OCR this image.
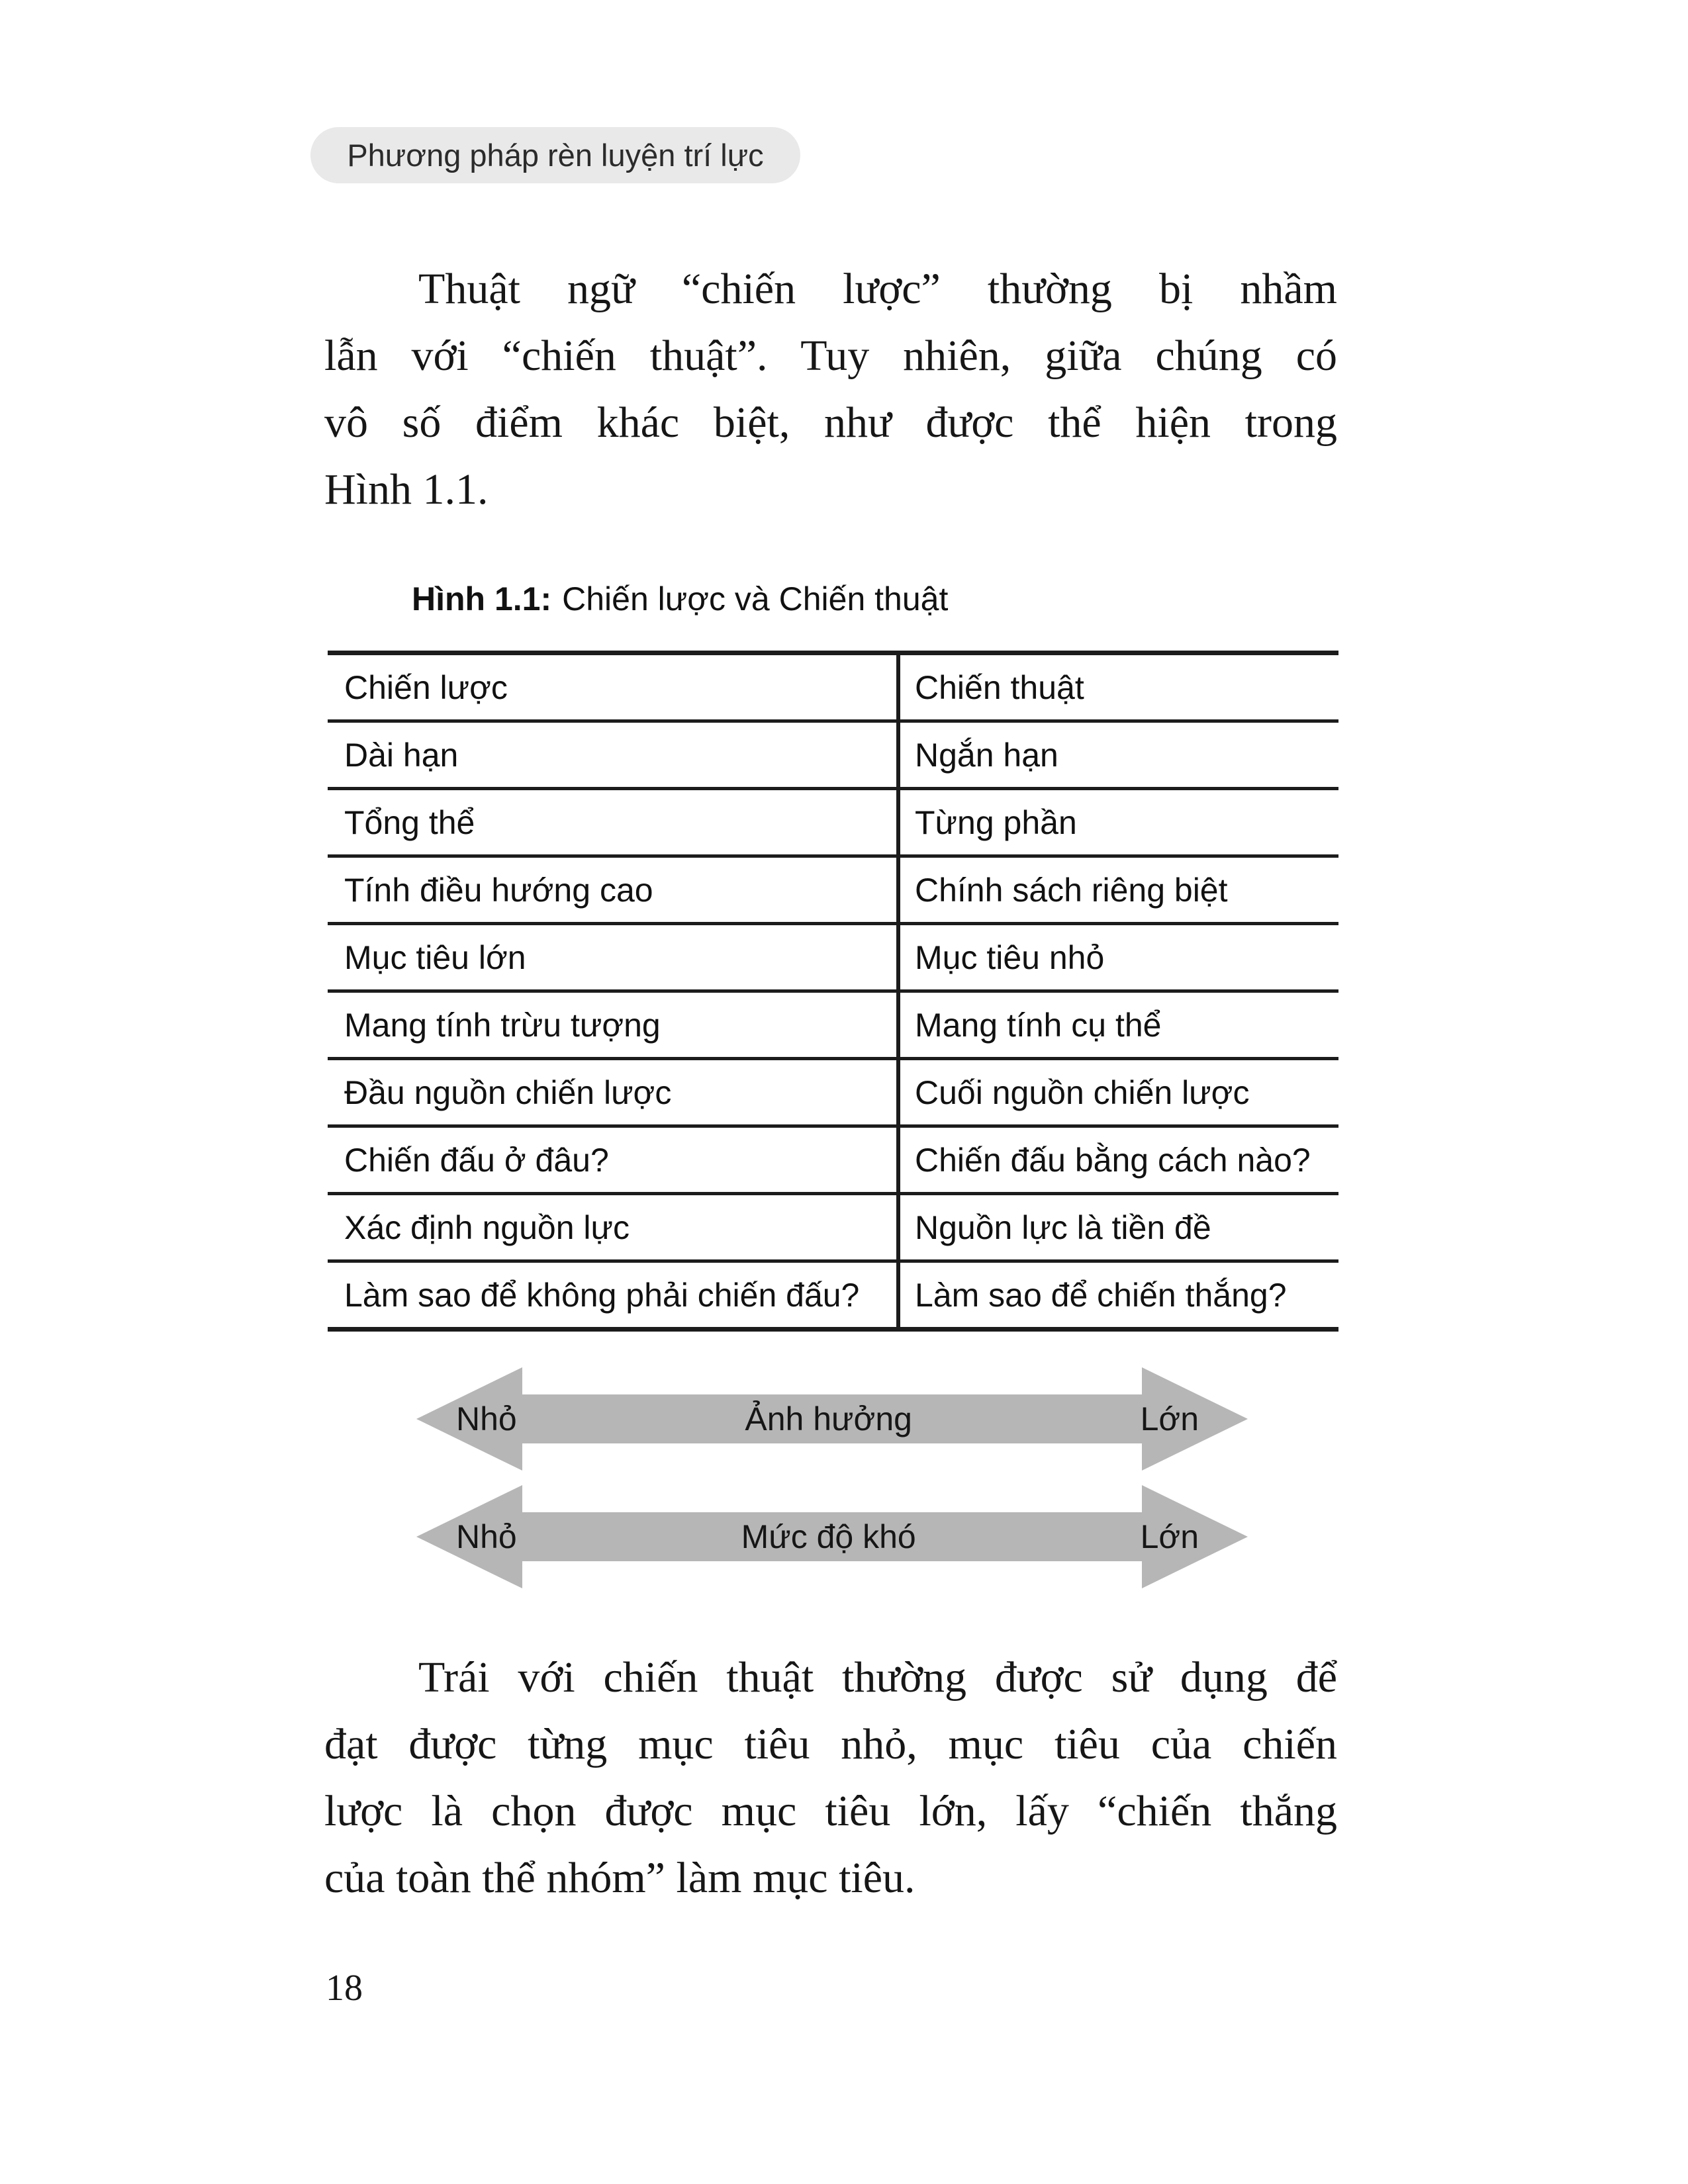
Phương pháp rèn luyện trí lực
Thuật ngữ “chiến lược” thường bị nhầm
lẫn với “chiến thuật”. Tuy nhiên, giữa chúng có
vô số điểm khác biệt, như được thể hiện trong
Hình 1.1.
Hình 1.1: Chiến lược và Chiến thuật
Chiến lược	Chiến thuật
Dài hạn	Ngắn hạn
Tổng thể	Từng phần
Tính điều hướng cao	Chính sách riêng biệt
Mục tiêu lớn	Mục tiêu nhỏ
Mang tính trừu tượng	Mang tính cụ thể
Đầu nguồn chiến lược	Cuối nguồn chiến lược
Chiến đấu ở đâu?	Chiến đấu bằng cách nào?
Xác định nguồn lực	Nguồn lực là tiền đề
Làm sao để không phải chiến đấu?	Làm sao để chiến thắng?
Nhỏ	Ảnh hưởng	Lớn
Nhỏ	Mức độ khó	Lớn
Trái với chiến thuật thường được sử dụng để
đạt được từng mục tiêu nhỏ, mục tiêu của chiến
lược là chọn được mục tiêu lớn, lấy “chiến thắng
của toàn thể nhóm” làm mục tiêu.
18
